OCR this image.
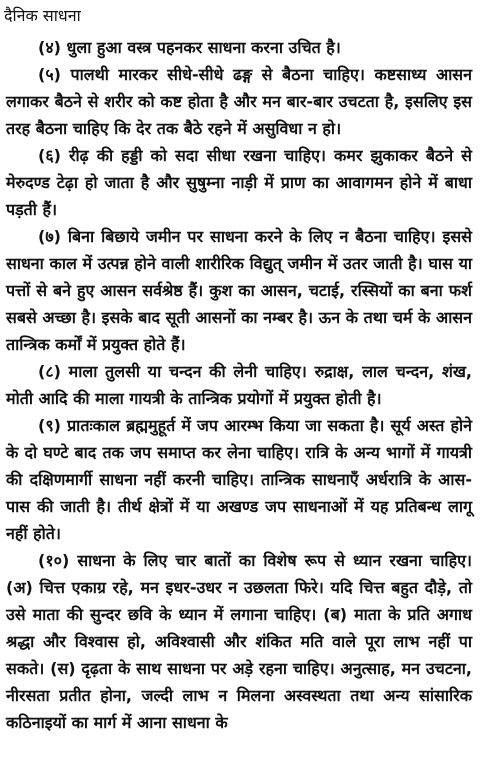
दैनिक साधना

(४) धुला हुआ वस्त्र पहनकर साधना करना उचित है।

(५) पालथी मारकर सीधे-सीधे ढङ्ग से बैठना चाहिए। कष्टसाध्य आसन लगाकर बैठने से शरीर को कष्ट होता है और मन बार-बार उचटता है, इसलिए इस तरह बैठना चाहिए कि देर तक बैठे रहने में असुविधा न हो।

(६) रीढ़ की हड्डी को सदा सीधा रखना चाहिए। कमर झुकाकर बैठने से मेरुदण्ड टेढ़ा हो जाता है और सुषुम्ना नाड़ी में प्राण का आवागमन होने में बाधा पड़ती हैं।

(७) बिना बिछाये जमीन पर साधना करने के लिए न बैठना चाहिए। इससे साधना काल में उत्पन्न होने वाली शारीरिक विद्युत् जमीन में उतर जाती है। घास या पत्तों से बने हुए आसन सर्वश्रेष्ठ हैं। कुश का आसन, चटाई, रस्सियों का बना फर्श सबसे अच्छा है। इसके बाद सूती आसनों का नम्बर है। ऊन के तथा चर्म के आसन तान्त्रिक कर्मों में प्रयुक्त होते हैं।

(८) माला तुलसी या चन्दन की लेनी चाहिए। रुद्राक्ष, लाल चन्दन, शंख, मोती आदि की माला गायत्री के तान्त्रिक प्रयोगों में प्रयुक्त होती है।

(९) प्रातःकाल ब्रह्ममुहूर्त में जप आरम्भ किया जा सकता है। सूर्य अस्त होने के दो घण्टे बाद तक जप समाप्त कर लेना चाहिए। रात्रि के अन्य भागों में गायत्री की दक्षिणमार्गी साधना नहीं करनी चाहिए। तान्त्रिक साधनाएँ अर्धरात्रि के आस-पास की जाती है। तीर्थ क्षेत्रों में या अखण्ड जप साधनाओं में यह प्रतिबन्ध लागू नहीं होते।

(१०) साधना के लिए चार बातों का विशेष रूप से ध्यान रखना चाहिए। (अ) चित्त एकाग्र रहे, मन इधर-उधर न उछलता फिरे। यदि चित्त बहुत दौड़े, तो उसे माता की सुन्दर छवि के ध्यान में लगाना चाहिए। (ब) माता के प्रति अगाध श्रद्धा और विश्वास हो, अविश्वासी और शंकित मति वाले पूरा लाभ नहीं पा सकते। (स) दृढ़ता के साथ साधना पर अड़े रहना चाहिए। अनुत्साह, मन उचटना, नीरसता प्रतीत होना, जल्दी लाभ न मिलना अस्वस्थता तथा अन्य सांसारिक कठिनाइयों का मार्ग में आना साधना के
